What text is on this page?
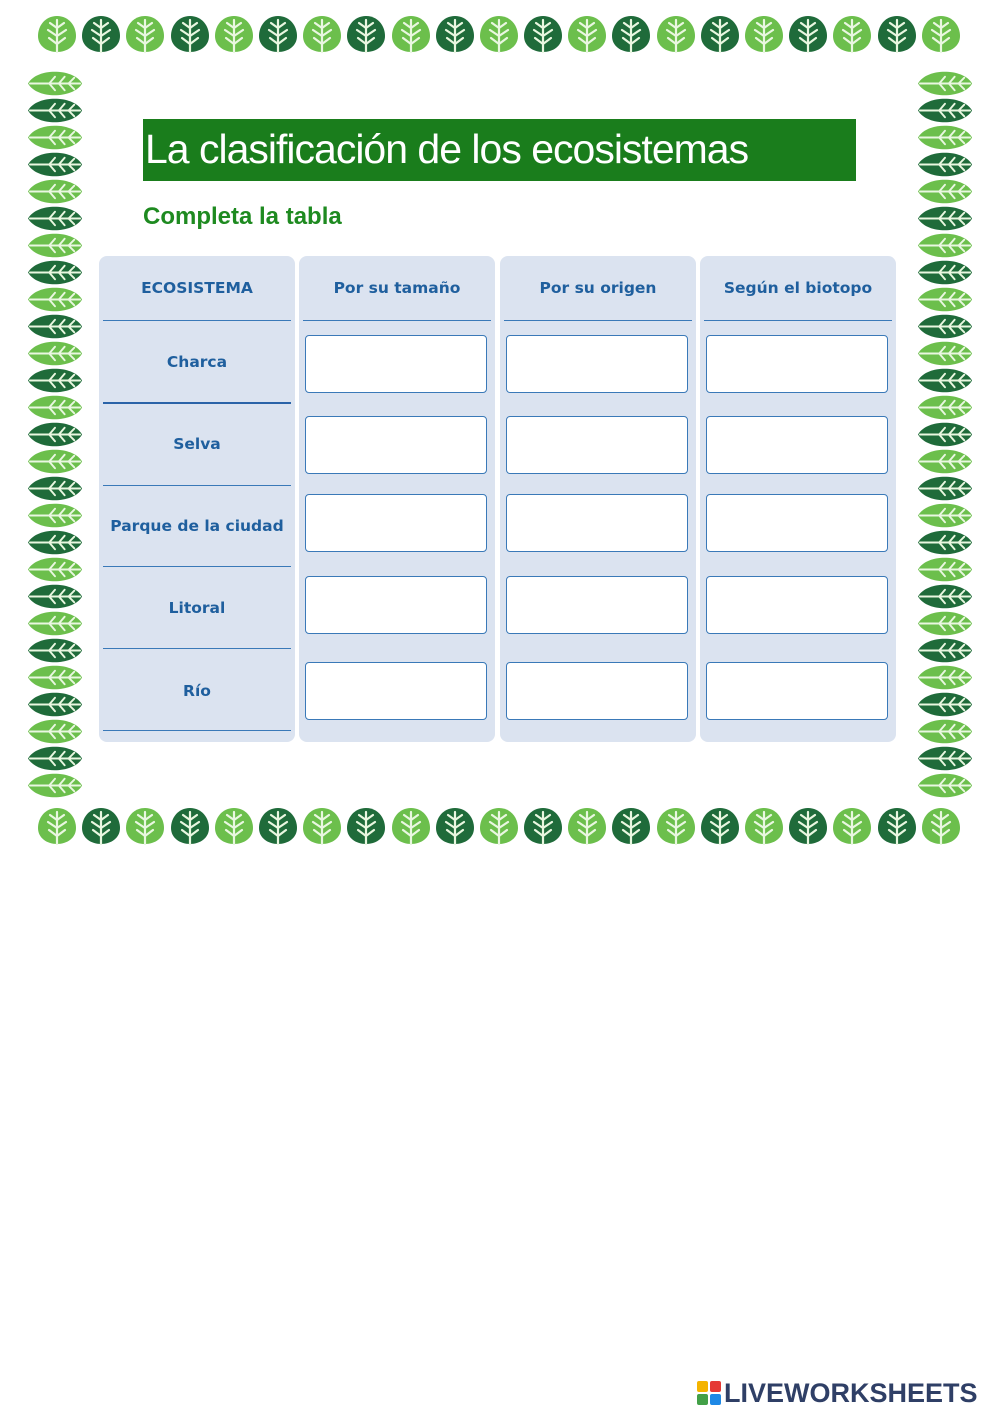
La clasificación de los ecosistemas
Completa la tabla
ECOSISTEMA
Charca
Selva
Parque de la ciudad
Litoral
Río
Por su tamaño	Por su origen	Según el biotopo
LIVEWORKSHEETS
